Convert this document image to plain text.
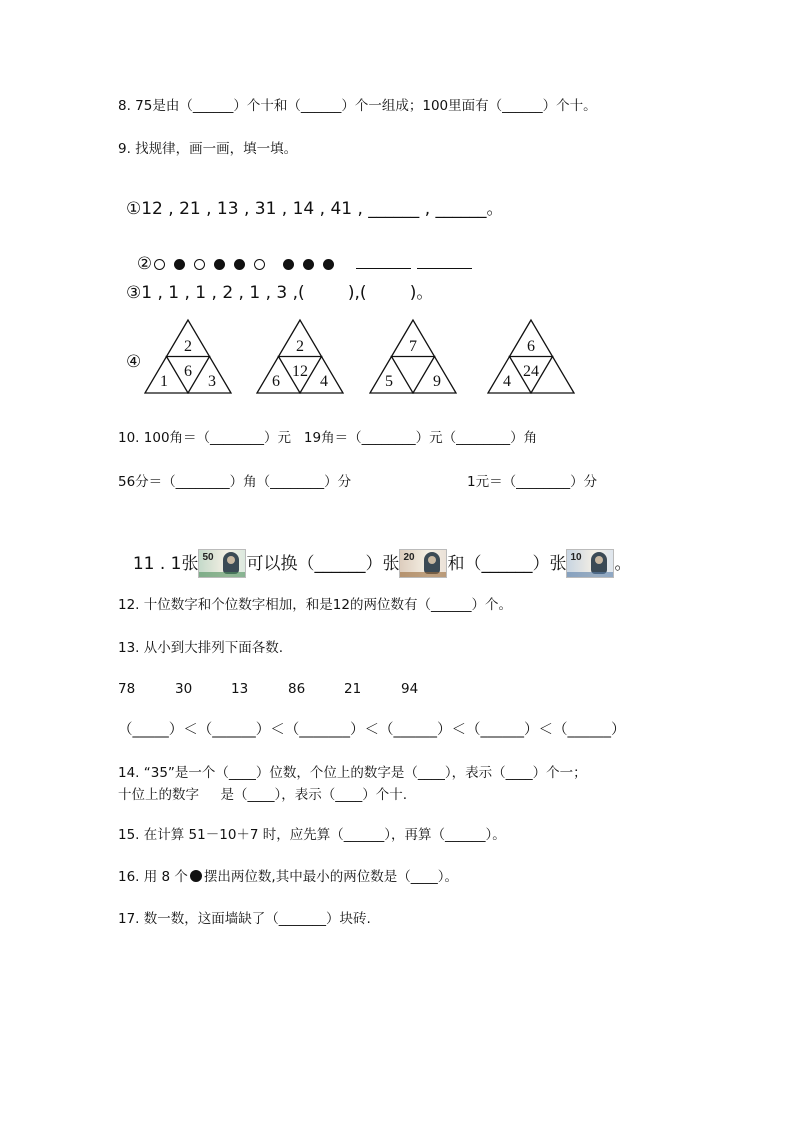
8. 75是由（______）个十和（______）个一组成；100里面有（______）个十。
9. 找规律，画一画，填一填。
①12 , 21 , 13 , 31 , 14 , 41 , ______ , ______。

②

③1 , 1 , 1 , 2 , 1 , 3 ,(        ),(        )。
④
2
6
1	3
2
12
6	4
7
5	9
6
24
4
10. 100角＝（________）元   19角＝（________）元（________）角
56分＝（________）角（________）分	1元＝（________）分

11 . 1张 50 可以换（______）张 20 和（______）张 10 。

12. 十位数字和个位数字相加，和是12的两位数有（______）个。
13. 从小到大排列下面各数.
78	30	13	86	21	94
（_____）＜（______）＜（_______）＜（______）＜（______）＜（______）
14. “35”是一个（____）位数，个位上的数字是（____），表示（____）个一；
十位上的数字     是（____），表示（____）个十.
15. 在计算 51－10＋7 时，应先算（______），再算（______）。
16. 用 8 个 摆出两位数,其中最小的两位数是（____）。
17. 数一数，这面墙缺了（_______）块砖.
